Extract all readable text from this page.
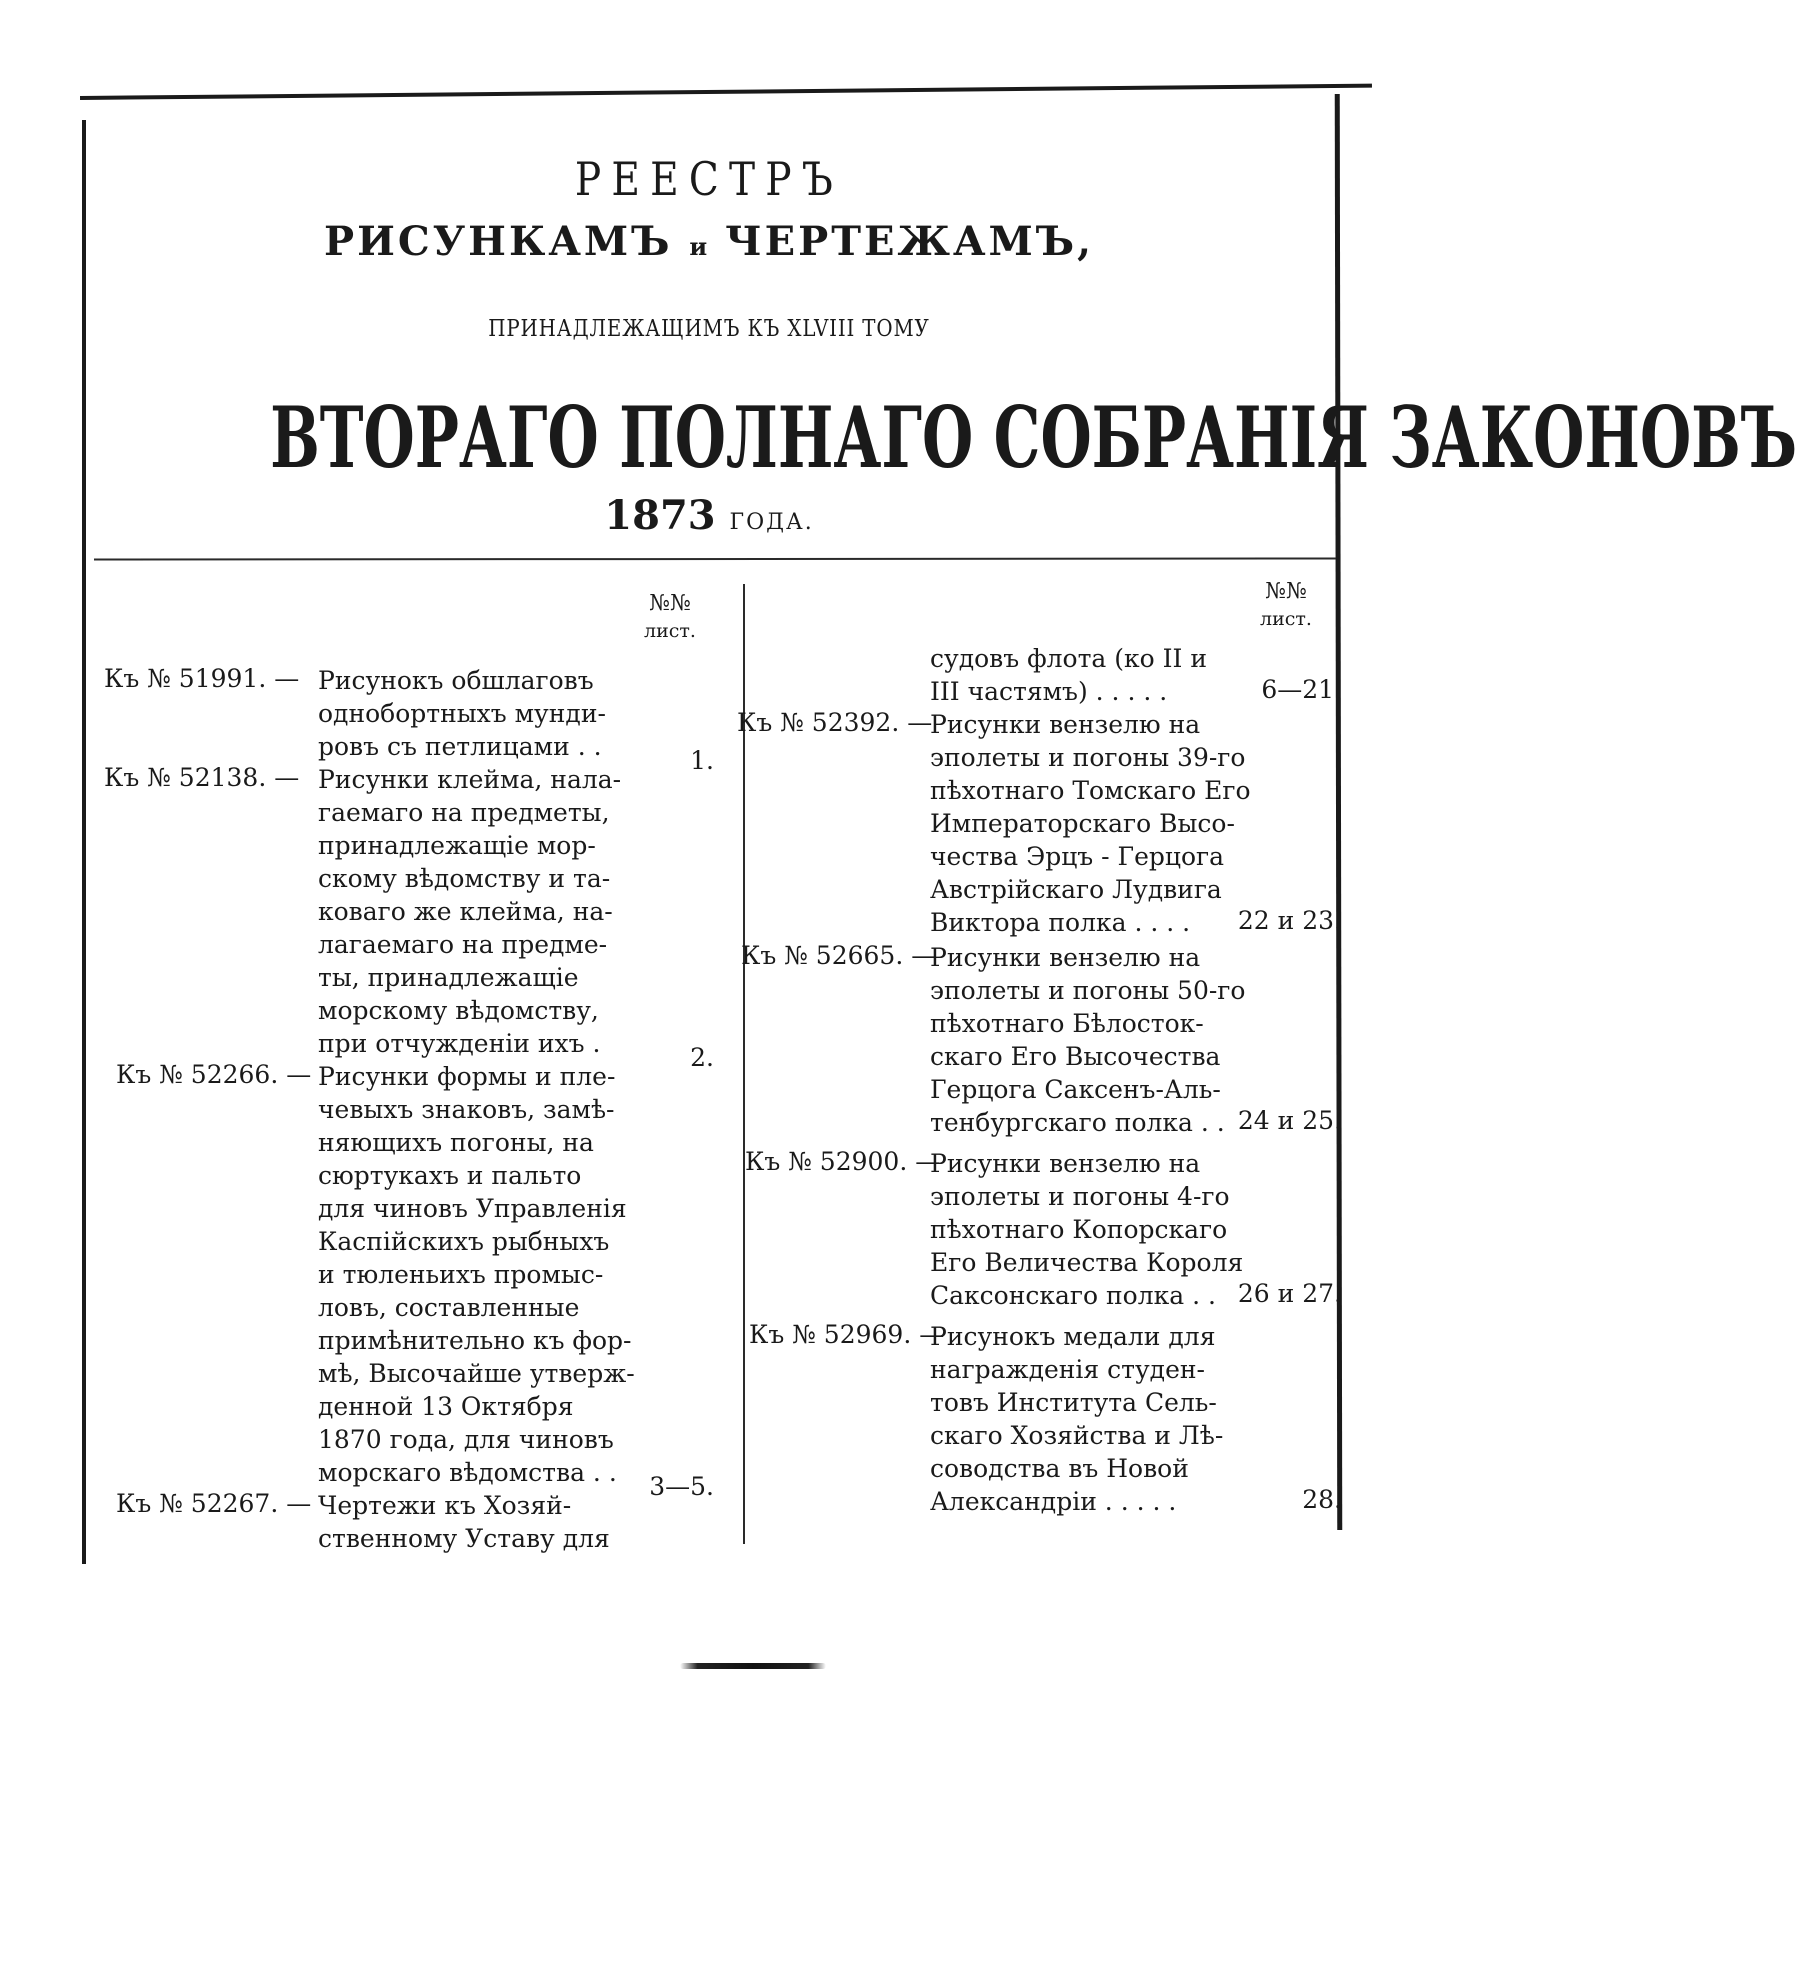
РЕЕСТРЪ
РИСУНКАМЪ и ЧЕРТЕЖАМЪ,
ПРИНАДЛЕЖАЩИМЪ КЪ XLVIII ТОМУ
ВТОРАГО ПОЛНАГО СОБРАНІЯ ЗАКОНОВЪ
1873 ГОДА.
№№
лист.
№№
лист.
Къ № 51991. — Рисунокъ обшлаговъ
однобортныхъ мунди-
ровъ съ петлицами . .	1.
Къ № 52138. — Рисунки клейма, нала-
гаемаго на предметы,
принадлежащіе мор-
скому вѣдомству и та-
коваго же клейма, на-
лагаемаго на предме-
ты, принадлежащіе
морскому вѣдомству,
при отчужденіи ихъ .	2.
Къ № 52266. — Рисунки формы и пле-
чевыхъ знаковъ, замѣ-
няющихъ погоны, на
сюртукахъ и пальто
для чиновъ Управленія
Каспійскихъ рыбныхъ
и тюленьихъ промыс-
ловъ, составленные
примѣнительно къ фор-
мѣ, Высочайше утверж-
денной 13 Октября
1870 года, для чиновъ
морскаго вѣдомства . . 3—5.
Къ № 52267. — Чертежи къ Хозяй-
ственному Уставу для
судовъ флота (ко II и
III частямъ) . . . . .	6—21.
Къ № 52392. —
Рисунки вензелю на
эполеты и погоны 39-го
пѣхотнаго Томскаго Его
Императорскаго Высо-
чества Эрцъ - Герцога
Австрійскаго Лудвига
Виктора полка . . . .	22 и 23.
Къ № 52665. —
Рисунки вензелю на
эполеты и погоны 50-го
пѣхотнаго Бѣлосток-
скаго Его Высочества
Герцога Саксенъ-Аль-
тенбургскаго полка . . 24 и 25.
Къ № 52900. —
Рисунки вензелю на
эполеты и погоны 4-го
пѣхотнаго Копорскаго
Его Величества Короля
Саксонскаго полка . . 26 и 27.
Къ № 52969. —
Рисунокъ медали для
награжденія студен-
товъ Института Сель-
скаго Хозяйства и Лѣ-
соводства въ Новой
Александріи . . . . .	28.
